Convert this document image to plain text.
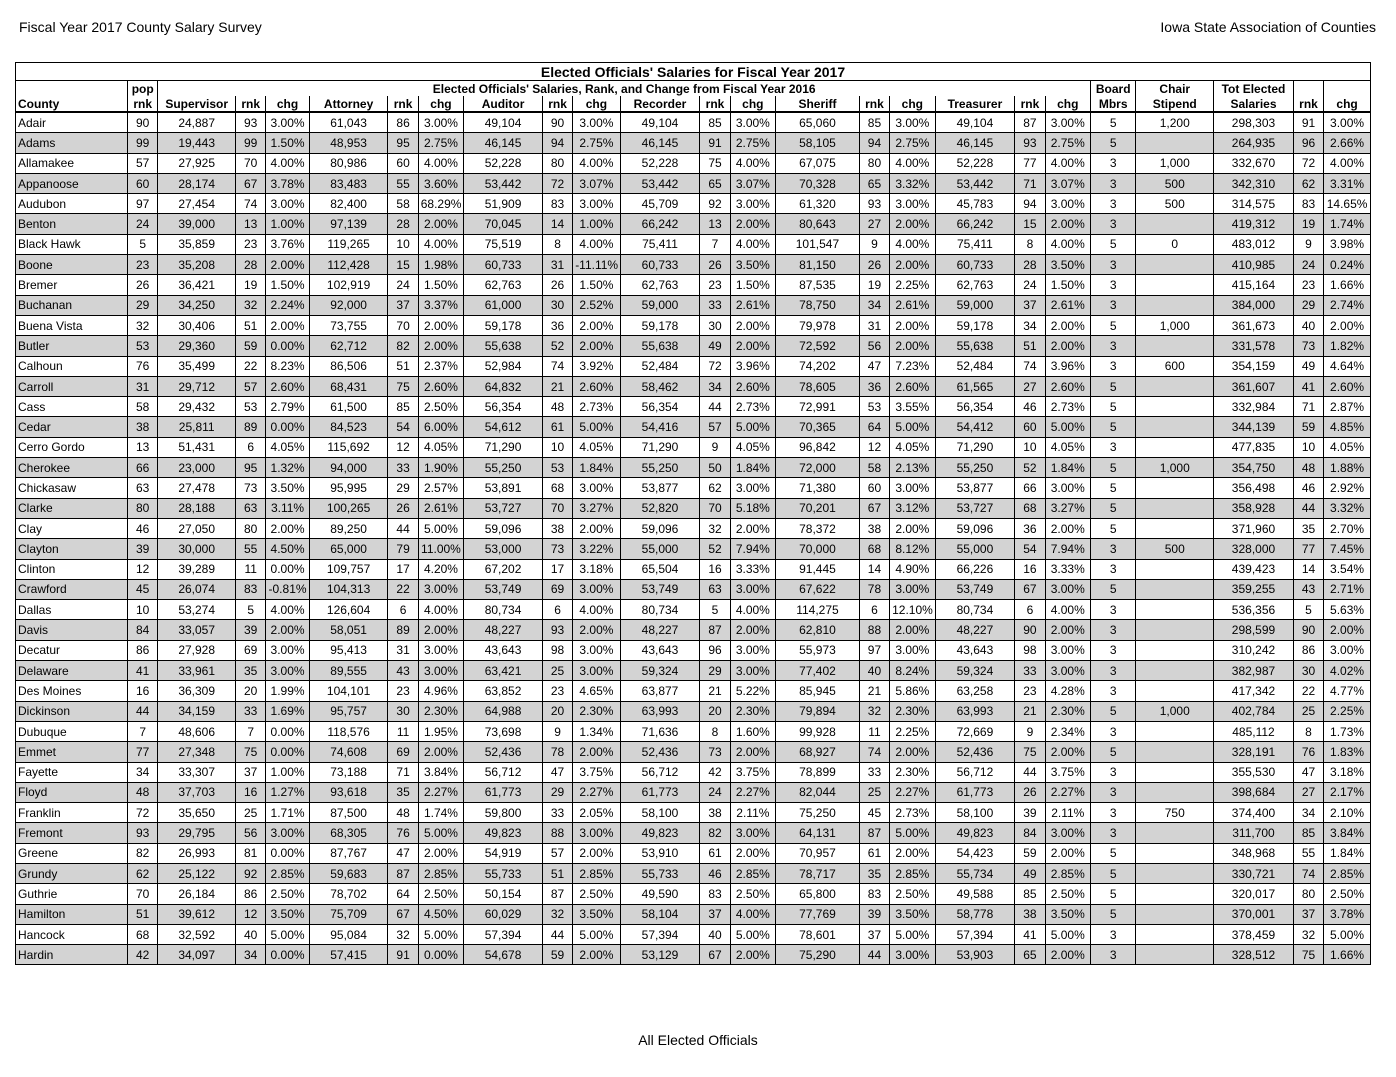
Fiscal Year 2017 County Salary Survey	Iowa State Association of Counties
Elected Officials' Salaries for Fiscal Year 2017																								
	pop	Elected Officials' Salaries, Rank, and Change from Fiscal Year 2016																		Board	Chair	Tot Elected		
County	rnk	Supervisor	rnk	chg	Attorney	rnk	chg	Auditor	rnk	chg	Recorder	rnk	chg	Sheriff	rnk	chg	Treasurer	rnk	chg	Mbrs	Stipend	Salaries	rnk	chg
Adair	90	24,887	93	3.00%	61,043	86	3.00%	49,104	90	3.00%	49,104	85	3.00%	65,060	85	3.00%	49,104	87	3.00%	5	1,200	298,303	91	3.00%
Adams	99	19,443	99	1.50%	48,953	95	2.75%	46,145	94	2.75%	46,145	91	2.75%	58,105	94	2.75%	46,145	93	2.75%	5		264,935	96	2.66%
Allamakee	57	27,925	70	4.00%	80,986	60	4.00%	52,228	80	4.00%	52,228	75	4.00%	67,075	80	4.00%	52,228	77	4.00%	3	1,000	332,670	72	4.00%
Appanoose	60	28,174	67	3.78%	83,483	55	3.60%	53,442	72	3.07%	53,442	65	3.07%	70,328	65	3.32%	53,442	71	3.07%	3	500	342,310	62	3.31%
Audubon	97	27,454	74	3.00%	82,400	58	68.29%	51,909	83	3.00%	45,709	92	3.00%	61,320	93	3.00%	45,783	94	3.00%	3	500	314,575	83	14.65%
Benton	24	39,000	13	1.00%	97,139	28	2.00%	70,045	14	1.00%	66,242	13	2.00%	80,643	27	2.00%	66,242	15	2.00%	3		419,312	19	1.74%
Black Hawk	5	35,859	23	3.76%	119,265	10	4.00%	75,519	8	4.00%	75,411	7	4.00%	101,547	9	4.00%	75,411	8	4.00%	5	0	483,012	9	3.98%
Boone	23	35,208	28	2.00%	112,428	15	1.98%	60,733	31	-11.11%	60,733	26	3.50%	81,150	26	2.00%	60,733	28	3.50%	3		410,985	24	0.24%
Bremer	26	36,421	19	1.50%	102,919	24	1.50%	62,763	26	1.50%	62,763	23	1.50%	87,535	19	2.25%	62,763	24	1.50%	3		415,164	23	1.66%
Buchanan	29	34,250	32	2.24%	92,000	37	3.37%	61,000	30	2.52%	59,000	33	2.61%	78,750	34	2.61%	59,000	37	2.61%	3		384,000	29	2.74%
Buena Vista	32	30,406	51	2.00%	73,755	70	2.00%	59,178	36	2.00%	59,178	30	2.00%	79,978	31	2.00%	59,178	34	2.00%	5	1,000	361,673	40	2.00%
Butler	53	29,360	59	0.00%	62,712	82	2.00%	55,638	52	2.00%	55,638	49	2.00%	72,592	56	2.00%	55,638	51	2.00%	3		331,578	73	1.82%
Calhoun	76	35,499	22	8.23%	86,506	51	2.37%	52,984	74	3.92%	52,484	72	3.96%	74,202	47	7.23%	52,484	74	3.96%	3	600	354,159	49	4.64%
Carroll	31	29,712	57	2.60%	68,431	75	2.60%	64,832	21	2.60%	58,462	34	2.60%	78,605	36	2.60%	61,565	27	2.60%	5		361,607	41	2.60%
Cass	58	29,432	53	2.79%	61,500	85	2.50%	56,354	48	2.73%	56,354	44	2.73%	72,991	53	3.55%	56,354	46	2.73%	5		332,984	71	2.87%
Cedar	38	25,811	89	0.00%	84,523	54	6.00%	54,612	61	5.00%	54,416	57	5.00%	70,365	64	5.00%	54,412	60	5.00%	5		344,139	59	4.85%
Cerro Gordo	13	51,431	6	4.05%	115,692	12	4.05%	71,290	10	4.05%	71,290	9	4.05%	96,842	12	4.05%	71,290	10	4.05%	3		477,835	10	4.05%
Cherokee	66	23,000	95	1.32%	94,000	33	1.90%	55,250	53	1.84%	55,250	50	1.84%	72,000	58	2.13%	55,250	52	1.84%	5	1,000	354,750	48	1.88%
Chickasaw	63	27,478	73	3.50%	95,995	29	2.57%	53,891	68	3.00%	53,877	62	3.00%	71,380	60	3.00%	53,877	66	3.00%	5		356,498	46	2.92%
Clarke	80	28,188	63	3.11%	100,265	26	2.61%	53,727	70	3.27%	52,820	70	5.18%	70,201	67	3.12%	53,727	68	3.27%	5		358,928	44	3.32%
Clay	46	27,050	80	2.00%	89,250	44	5.00%	59,096	38	2.00%	59,096	32	2.00%	78,372	38	2.00%	59,096	36	2.00%	5		371,960	35	2.70%
Clayton	39	30,000	55	4.50%	65,000	79	11.00%	53,000	73	3.22%	55,000	52	7.94%	70,000	68	8.12%	55,000	54	7.94%	3	500	328,000	77	7.45%
Clinton	12	39,289	11	0.00%	109,757	17	4.20%	67,202	17	3.18%	65,504	16	3.33%	91,445	14	4.90%	66,226	16	3.33%	3		439,423	14	3.54%
Crawford	45	26,074	83	-0.81%	104,313	22	3.00%	53,749	69	3.00%	53,749	63	3.00%	67,622	78	3.00%	53,749	67	3.00%	5		359,255	43	2.71%
Dallas	10	53,274	5	4.00%	126,604	6	4.00%	80,734	6	4.00%	80,734	5	4.00%	114,275	6	12.10%	80,734	6	4.00%	3		536,356	5	5.63%
Davis	84	33,057	39	2.00%	58,051	89	2.00%	48,227	93	2.00%	48,227	87	2.00%	62,810	88	2.00%	48,227	90	2.00%	3		298,599	90	2.00%
Decatur	86	27,928	69	3.00%	95,413	31	3.00%	43,643	98	3.00%	43,643	96	3.00%	55,973	97	3.00%	43,643	98	3.00%	3		310,242	86	3.00%
Delaware	41	33,961	35	3.00%	89,555	43	3.00%	63,421	25	3.00%	59,324	29	3.00%	77,402	40	8.24%	59,324	33	3.00%	3		382,987	30	4.02%
Des Moines	16	36,309	20	1.99%	104,101	23	4.96%	63,852	23	4.65%	63,877	21	5.22%	85,945	21	5.86%	63,258	23	4.28%	3		417,342	22	4.77%
Dickinson	44	34,159	33	1.69%	95,757	30	2.30%	64,988	20	2.30%	63,993	20	2.30%	79,894	32	2.30%	63,993	21	2.30%	5	1,000	402,784	25	2.25%
Dubuque	7	48,606	7	0.00%	118,576	11	1.95%	73,698	9	1.34%	71,636	8	1.60%	99,928	11	2.25%	72,669	9	2.34%	3		485,112	8	1.73%
Emmet	77	27,348	75	0.00%	74,608	69	2.00%	52,436	78	2.00%	52,436	73	2.00%	68,927	74	2.00%	52,436	75	2.00%	5		328,191	76	1.83%
Fayette	34	33,307	37	1.00%	73,188	71	3.84%	56,712	47	3.75%	56,712	42	3.75%	78,899	33	2.30%	56,712	44	3.75%	3		355,530	47	3.18%
Floyd	48	37,703	16	1.27%	93,618	35	2.27%	61,773	29	2.27%	61,773	24	2.27%	82,044	25	2.27%	61,773	26	2.27%	3		398,684	27	2.17%
Franklin	72	35,650	25	1.71%	87,500	48	1.74%	59,800	33	2.05%	58,100	38	2.11%	75,250	45	2.73%	58,100	39	2.11%	3	750	374,400	34	2.10%
Fremont	93	29,795	56	3.00%	68,305	76	5.00%	49,823	88	3.00%	49,823	82	3.00%	64,131	87	5.00%	49,823	84	3.00%	3		311,700	85	3.84%
Greene	82	26,993	81	0.00%	87,767	47	2.00%	54,919	57	2.00%	53,910	61	2.00%	70,957	61	2.00%	54,423	59	2.00%	5		348,968	55	1.84%
Grundy	62	25,122	92	2.85%	59,683	87	2.85%	55,733	51	2.85%	55,733	46	2.85%	78,717	35	2.85%	55,734	49	2.85%	5		330,721	74	2.85%
Guthrie	70	26,184	86	2.50%	78,702	64	2.50%	50,154	87	2.50%	49,590	83	2.50%	65,800	83	2.50%	49,588	85	2.50%	5		320,017	80	2.50%
Hamilton	51	39,612	12	3.50%	75,709	67	4.50%	60,029	32	3.50%	58,104	37	4.00%	77,769	39	3.50%	58,778	38	3.50%	5		370,001	37	3.78%
Hancock	68	32,592	40	5.00%	95,084	32	5.00%	57,394	44	5.00%	57,394	40	5.00%	78,601	37	5.00%	57,394	41	5.00%	3		378,459	32	5.00%
Hardin	42	34,097	34	0.00%	57,415	91	0.00%	54,678	59	2.00%	53,129	67	2.00%	75,290	44	3.00%	53,903	65	2.00%	3		328,512	75	1.66%
All Elected Officials
